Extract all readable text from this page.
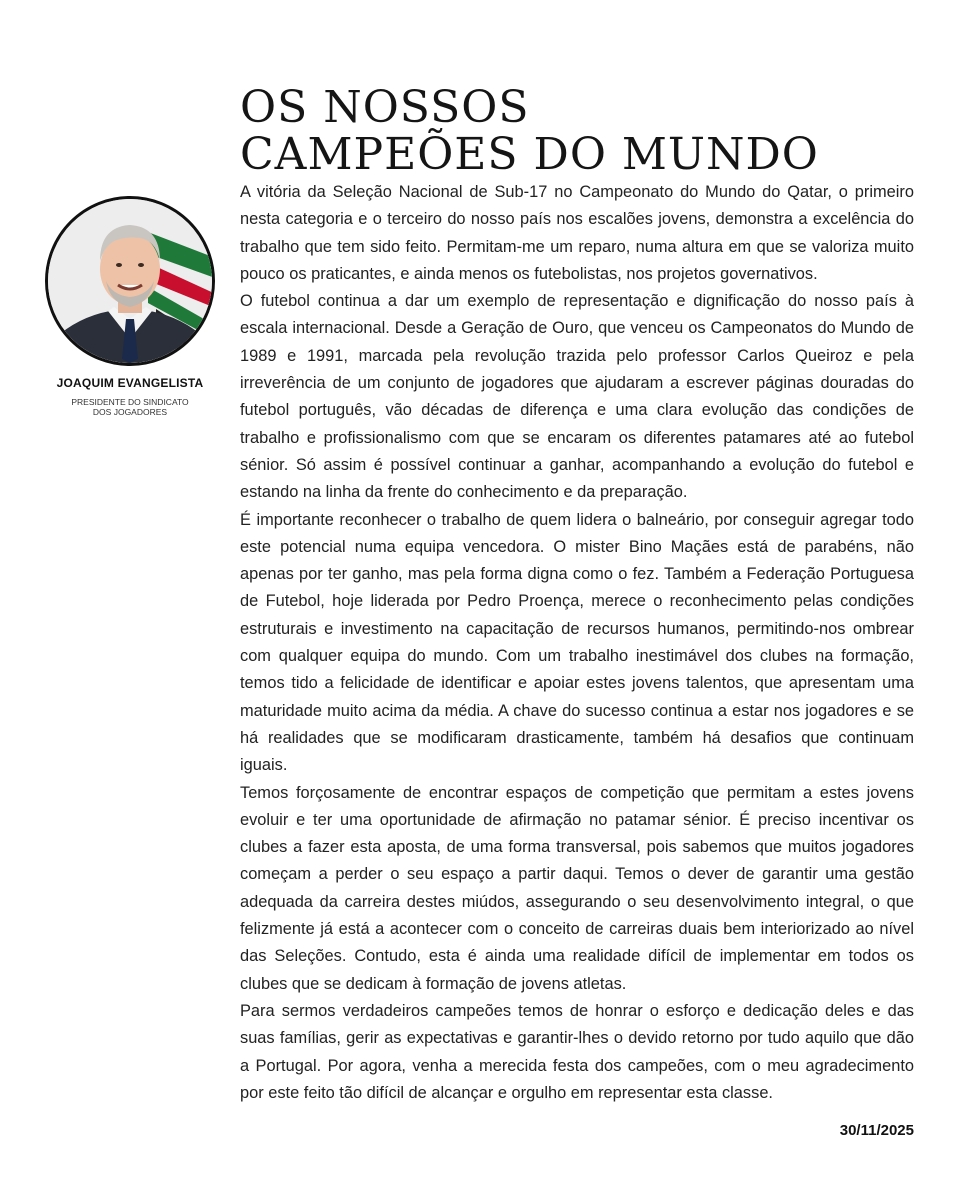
JOAQUIM EVANGELISTA
PRESIDENTE DO SINDICATO
DOS JOGADORES
OS NOSSOS
CAMPEÕES DO MUNDO

A vitória da Seleção Nacional de Sub-17 no Campeonato do Mundo do Qatar, o primeiro nesta categoria e o terceiro do nosso país nos escalões jovens, demonstra a excelência do trabalho que tem sido feito. Permitam-me um reparo, numa altura em que se valoriza muito pouco os praticantes, e ainda menos os futebolistas, nos projetos governativos.

O futebol continua a dar um exemplo de representação e dignificação do nosso país à escala internacional. Desde a Geração de Ouro, que venceu os Campeonatos do Mundo de 1989 e 1991, marcada pela revolução trazida pelo professor Carlos Queiroz e pela irreverência de um conjunto de jogadores que ajudaram a escrever páginas douradas do futebol português, vão décadas de diferença e uma clara evolução das condições de trabalho e profissionalismo com que se encaram os diferentes patamares até ao futebol sénior. Só assim é possível continuar a ganhar, acompanhando a evolução do futebol e estando na linha da frente do conhecimento e da preparação.

É importante reconhecer o trabalho de quem lidera o balneário, por conseguir agregar todo este potencial numa equipa vencedora. O mister Bino Maçães está de parabéns, não apenas por ter ganho, mas pela forma digna como o fez. Também a Federação Portuguesa de Futebol, hoje liderada por Pedro Proença, merece o reconhecimento pelas condições estruturais e investimento na capacitação de recursos humanos, permitindo-nos ombrear com qualquer equipa do mundo. Com um trabalho inestimável dos clubes na formação, temos tido a felicidade de identificar e apoiar estes jovens talentos, que apresentam uma maturidade muito acima da média. A chave do sucesso continua a estar nos jogadores e se há realidades que se modificaram drasticamente, também há desafios que continuam iguais.

Temos forçosamente de encontrar espaços de competição que permitam a estes jovens evoluir e ter uma oportunidade de afirmação no patamar sénior. É preciso incentivar os clubes a fazer esta aposta, de uma forma transversal, pois sabemos que muitos jogadores começam a perder o seu espaço a partir daqui. Temos o dever de garantir uma gestão adequada da carreira destes miúdos, assegurando o seu desenvolvimento integral, o que felizmente já está a acontecer com o conceito de carreiras duais bem interiorizado ao nível das Seleções. Contudo, esta é ainda uma realidade difícil de implementar em todos os clubes que se dedicam à formação de jovens atletas.

Para sermos verdadeiros campeões temos de honrar o esforço e dedicação deles e das suas famílias, gerir as expectativas e garantir-lhes o devido retorno por tudo aquilo que dão a Portugal. Por agora, venha a merecida festa dos campeões, com o meu agradecimento por este feito tão difícil de alcançar e orgulho em representar esta classe.

30/11/2025
